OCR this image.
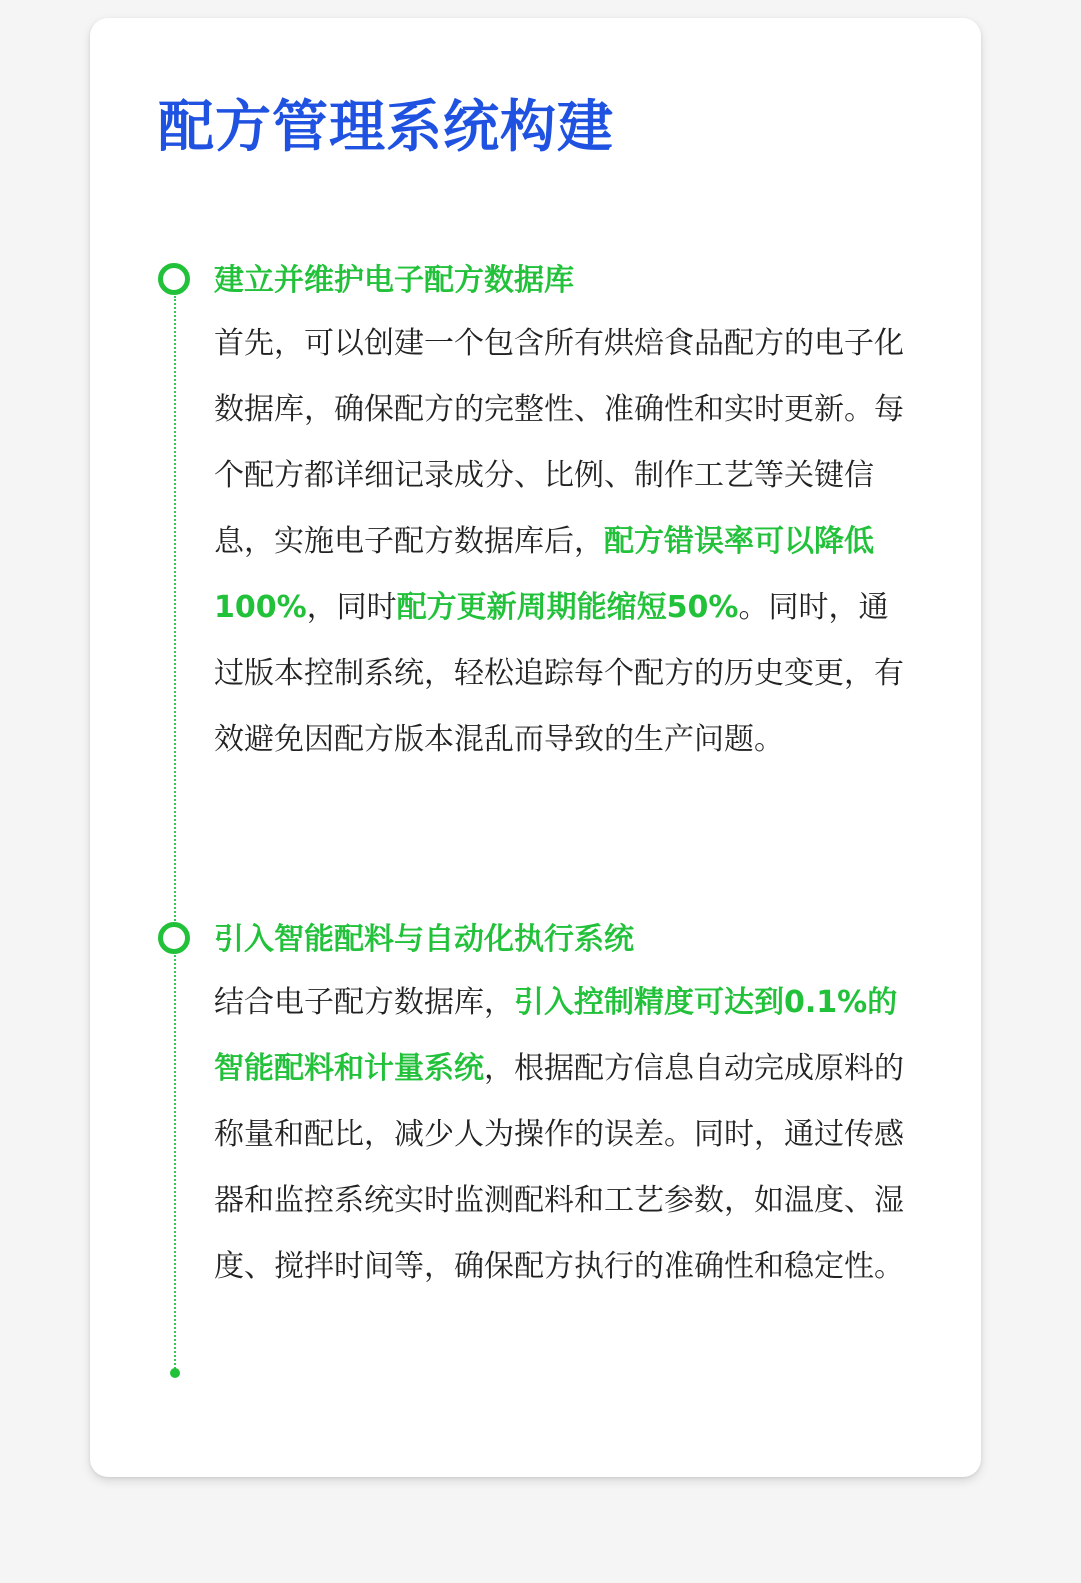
配方管理系统构建
建立并维护电子配方数据库

首先，可以创建一个包含所有烘焙食品配方的电子化数据库，确保配方的完整性、准确性和实时更新。每个配方都详细记录成分、比例、制作工艺等关键信息，实施电子配方数据库后，配方错误率可以降低100%，同时配方更新周期能缩短50%。同时，通过版本控制系统，轻松追踪每个配方的历史变更，有效避免因配方版本混乱而导致的生产问题。

引入智能配料与自动化执行系统

结合电子配方数据库，引入控制精度可达到0.1%的智能配料和计量系统，根据配方信息自动完成原料的称量和配比，减少人为操作的误差。同时，通过传感器和监控系统实时监测配料和工艺参数，如温度、湿度、搅拌时间等，确保配方执行的准确性和稳定性。
